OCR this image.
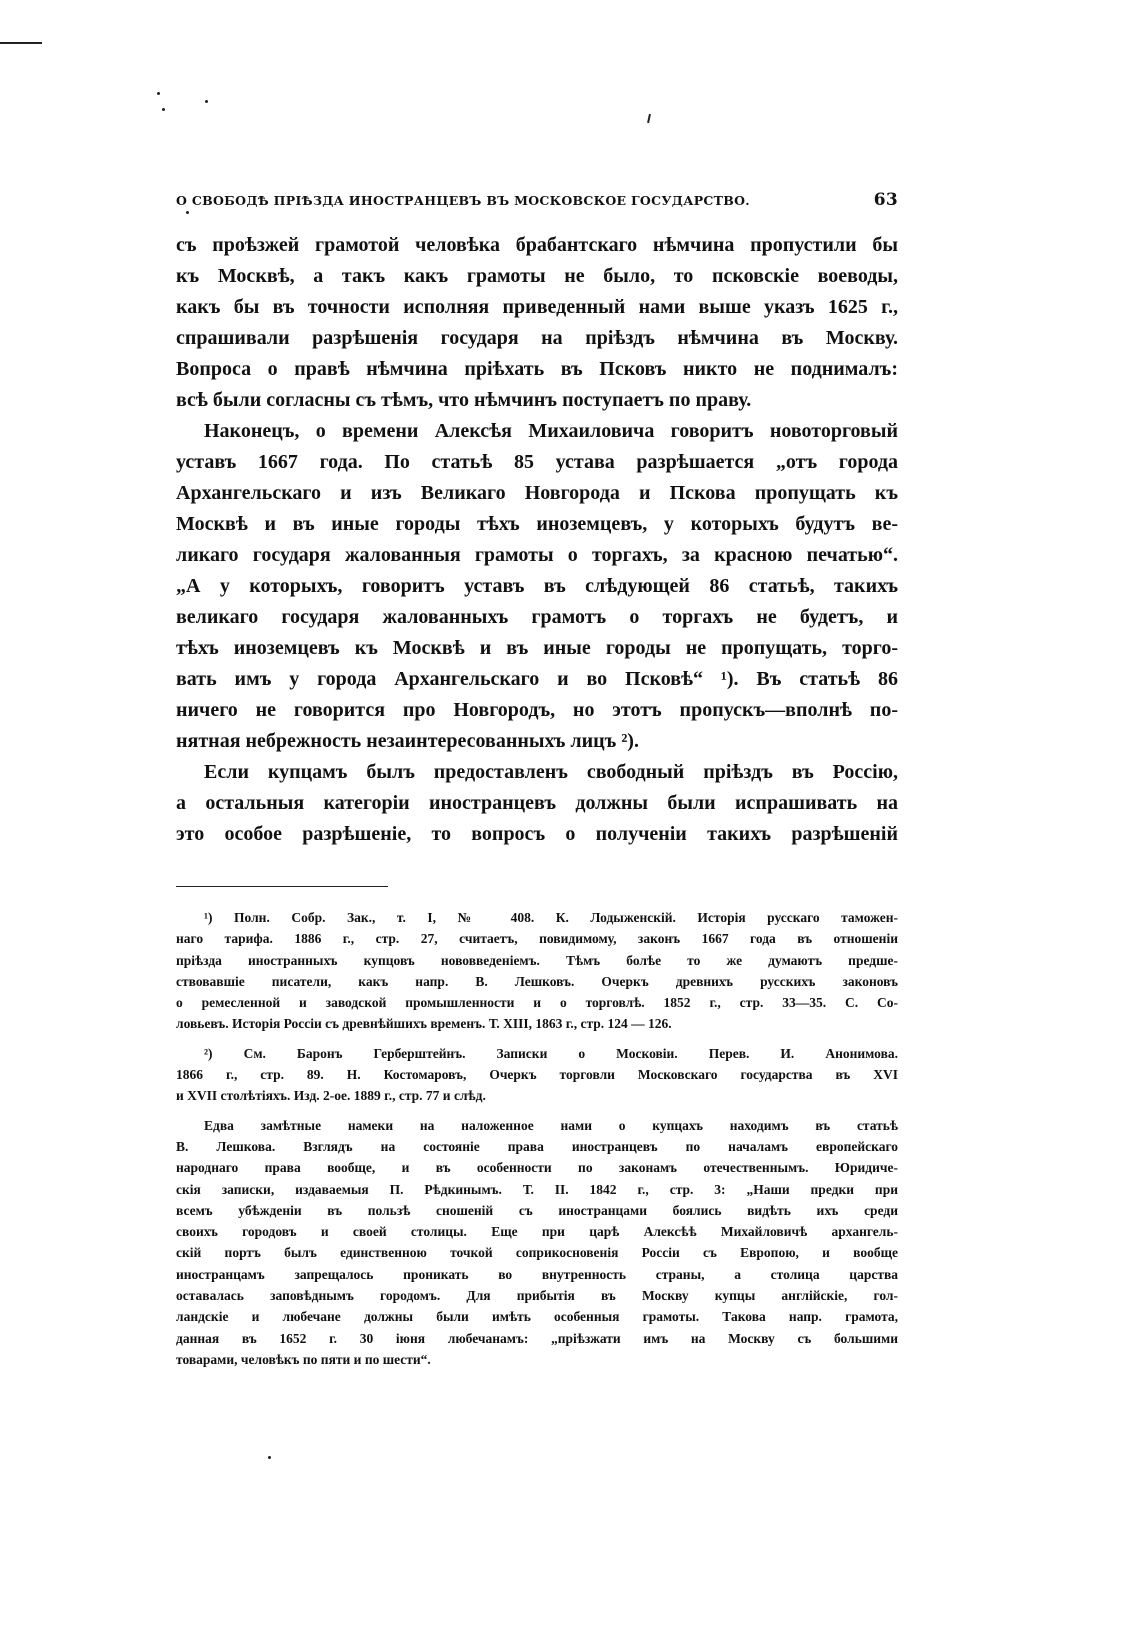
О СВОБОДѢ ПРІѢЗДА ИНОСТРАНЦЕВЪ ВЪ МОСКОВСКОЕ ГОСУДАРСТВО.	63
съ проѣзжей грамотой человѣка брабантскаго нѣмчина пропустили бы
къ Москвѣ, а такъ какъ грамоты не было, то псковскіе воеводы,
какъ бы въ точности исполняя приведенный нами выше указъ 1625 г.,
спрашивали разрѣшенія государя на пріѣздъ нѣмчина въ Москву.
Вопроса о правѣ нѣмчина пріѣхать въ Псковъ никто не поднималъ:
всѣ были согласны съ тѣмъ, что нѣмчинъ поступаетъ по праву.
Наконецъ, о времени Алексѣя Михаиловича говоритъ новоторговый
уставъ 1667 года. По статьѣ 85 устава разрѣшается „отъ города
Архангельскаго и изъ Великаго Новгорода и Пскова пропущать къ
Москвѣ и въ иные городы тѣхъ иноземцевъ, у которыхъ будутъ ве-
ликаго государя жалованныя грамоты о торгахъ, за красною печатью“.
„А у которыхъ, говоритъ уставъ въ слѣдующей 86 статьѣ, такихъ
великаго государя жалованныхъ грамотъ о торгахъ не будетъ, и
тѣхъ иноземцевъ къ Москвѣ и въ иные городы не пропущать, торго-
вать имъ у города Архангельскаго и во Псковѣ“ ¹). Въ статьѣ 86
ничего не говорится про Новгородъ, но этотъ пропускъ—вполнѣ по-
нятная небрежность незаинтересованныхъ лицъ ²).
Если купцамъ былъ предоставленъ свободный пріѣздъ въ Россію,
а остальныя категоріи иностранцевъ должны были испрашивать на
это особое разрѣшеніе, то вопросъ о полученіи такихъ разрѣшеній
¹) Полн. Собр. Зак., т. I, № 408. К. Лодыженскій. Исторія русскаго таможен-
наго тарифа. 1886 г., стр. 27, считаетъ, повидимому, законъ 1667 года въ отношеніи
пріѣзда иностранныхъ купцовъ нововведеніемъ. Тѣмъ болѣе то же думаютъ предше-
ствовавшіе писатели, какъ напр. В. Лешковъ. Очеркъ древнихъ русскихъ законовъ
о ремесленной и заводской промышленности и о торговлѣ. 1852 г., стр. 33—35. С. Со-
ловьевъ. Исторія Россіи съ древнѣйшихъ временъ. Т. XIII, 1863 г., стр. 124 — 126.
²) См. Баронъ Герберштейнъ. Записки о Московіи. Перев. И. Анонимова.
1866 г., стр. 89. Н. Костомаровъ, Очеркъ торговли Московскаго государства въ XVI
и XVII столѣтіяхъ. Изд. 2-ое. 1889 г., стр. 77 и слѣд.
Едва замѣтные намеки на наложенное нами о купцахъ находимъ въ статьѣ
В. Лешкова. Взглядъ на состояніе права иностранцевъ по началамъ европейскаго
народнаго права вообще, и въ особенности по законамъ отечественнымъ. Юридиче-
скія записки, издаваемыя П. Рѣдкинымъ. Т. II. 1842 г., стр. 3: „Наши предки при
всемъ убѣжденіи въ пользѣ сношеній съ иностранцами боялись видѣть ихъ среди
своихъ городовъ и своей столицы. Еще при царѣ Алексѣѣ Михайловичѣ архангель-
скій портъ былъ единственною точкой соприкосновенія Россіи съ Европою, и вообще
иностранцамъ запрещалось проникать во внутренность страны, а столица царства
оставалась заповѣднымъ городомъ. Для прибытія въ Москву купцы англійскіе, гол-
ландскіе и любечане должны были имѣть особенныя грамоты. Такова напр. грамота,
данная въ 1652 г. 30 іюня любечанамъ: „пріѣзжати имъ на Москву съ большими
товарами, человѣкъ по пяти и по шести“.
